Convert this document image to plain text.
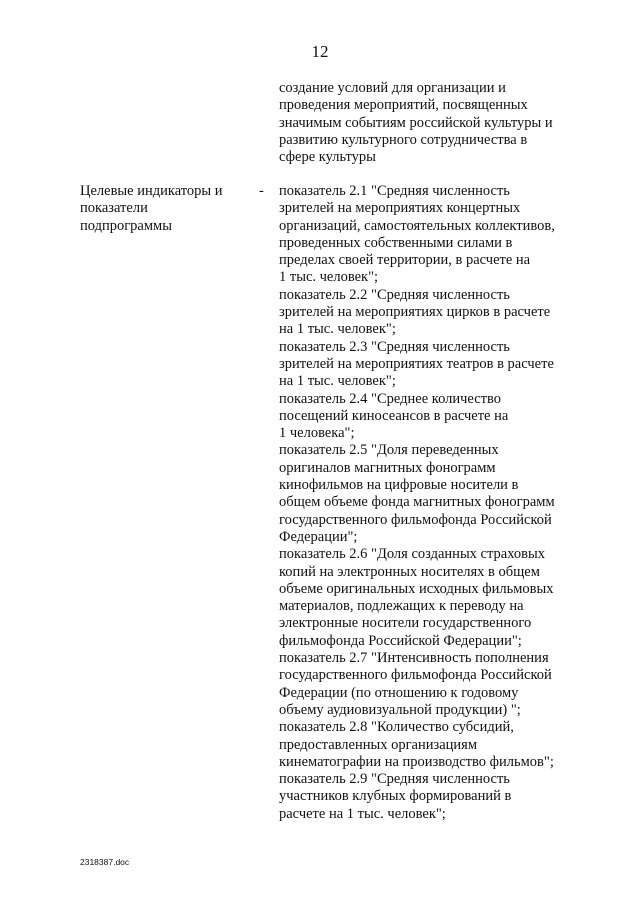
12
создание условий для организации и
проведения мероприятий, посвященных
значимым событиям российской культуры и
развитию культурного сотрудничества в
сфере культуры
Целевые индикаторы и
показатели
подпрограммы
- показатель 2.1 "Средняя численность
зрителей на мероприятиях концертных
организаций, самостоятельных коллективов,
проведенных собственными силами в
пределах своей территории, в расчете на
1 тыс. человек";
показатель 2.2 "Средняя численность
зрителей на мероприятиях цирков в расчете
на 1 тыс. человек";
показатель 2.3 "Средняя численность
зрителей на мероприятиях театров в расчете
на 1 тыс. человек";
показатель 2.4 "Среднее количество
посещений киносеансов в расчете на
1 человека";
показатель 2.5 "Доля переведенных
оригиналов магнитных фонограмм
кинофильмов на цифровые носители в
общем объеме фонда магнитных фонограмм
государственного фильмофонда Российской
Федерации";
показатель 2.6 "Доля созданных страховых
копий на электронных носителях в общем
объеме оригинальных исходных фильмовых
материалов, подлежащих к переводу на
электронные носители государственного
фильмофонда Российской Федерации";
показатель 2.7 "Интенсивность пополнения
государственного фильмофонда Российской
Федерации (по отношению к годовому
объему аудиовизуальной продукции) ";
показатель 2.8 "Количество субсидий,
предоставленных организациям
кинематографии на производство фильмов";
показатель 2.9 "Средняя численность
участников клубных формирований в
расчете на 1 тыс. человек";
2318387.doc
